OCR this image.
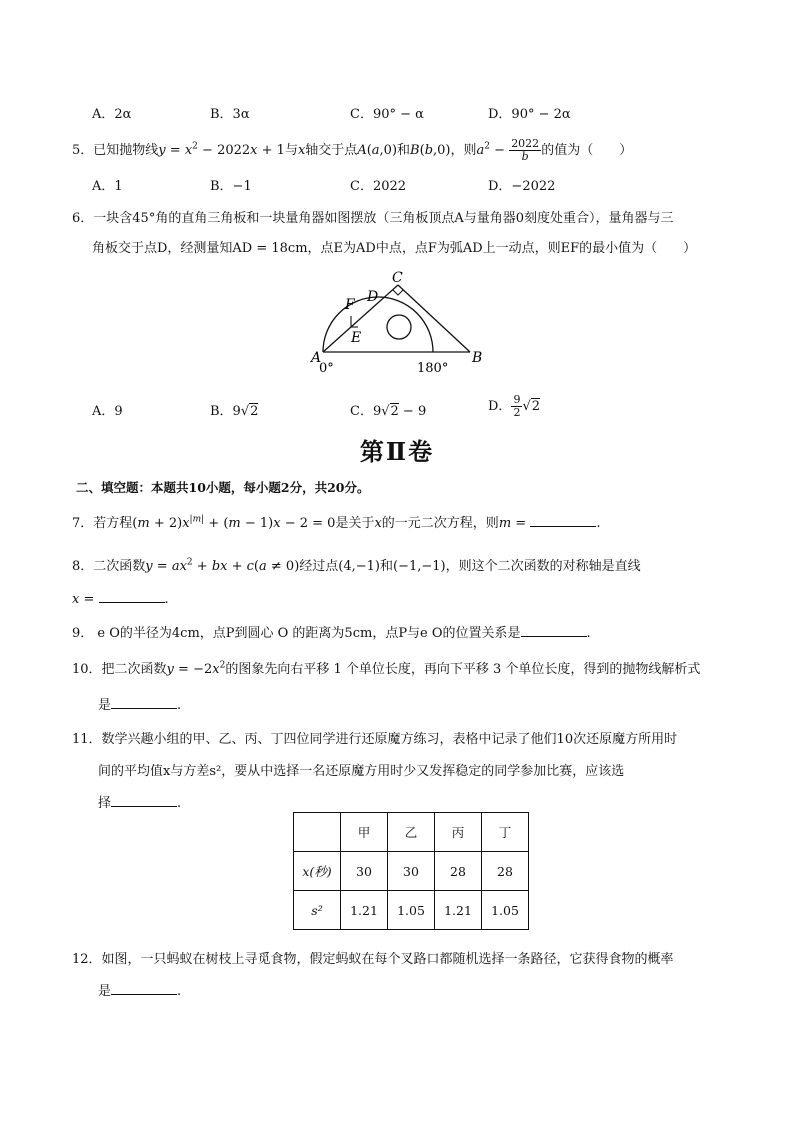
A．2α	B．3α	C．90° − α	D．90° − 2α
5．已知抛物线$y = x^2 - 2022x + 1$与x轴交于点A(a,0)和B(b,0)，则$a^2 - \frac{2022}{b}$ 的值为（　　）
A．1	B．−1	C．2022	D．−2022
6．一块含45°角的直角三角板和一块量角器如图摆放（三角板顶点A与量角器0刻度处重合），量角器与三
角板交于点D，经测量知AD = 18cm，点E为AD中点，点F为弧AD上一动点，则EF的最小值为（　　）
C
D
F
E
A	B
0°	180°
A．9	B．9√2	C．9√2 − 9	D． $\frac{9}{2} √2$
第Ⅱ卷
二、填空题：本题共10小题，每小题2分，共20分。
7．若方程$(m + 2)x^{|m|} + (m - 1)x - 2 = 0$是关于x的一元二次方程，则m =	.
8．二次函数$y = ax^2$ + bx + c(a ≠ 0)经过点(4,−1)和(−1,−1)，则这个二次函数的对称轴是直线
x =	.
9． e O的半径为4cm，点P到圆心 O 的距离为5cm，点P与e O的位置关系是	.
10．把二次函数$y = -2x^2$的图象先向右平移 1 个单位长度，再向下平移 3 个单位长度，得到的抛物线解析式
是	.
11．数学兴趣小组的甲、乙、丙、丁四位同学进行还原魔方练习，表格中记录了他们10次还原魔方所用时
间的平均值x与方差s²，要从中选择一名还原魔方用时少又发挥稳定的同学参加比赛，应该选
择	.
	甲	乙	丙	丁
x(秒)	30	30	28	28
s²	1.21	1.05	1.21	1.05
12．如图，一只蚂蚁在树枝上寻觅食物，假定蚂蚁在每个叉路口都随机选择一条路径，它获得食物的概率
是	.
